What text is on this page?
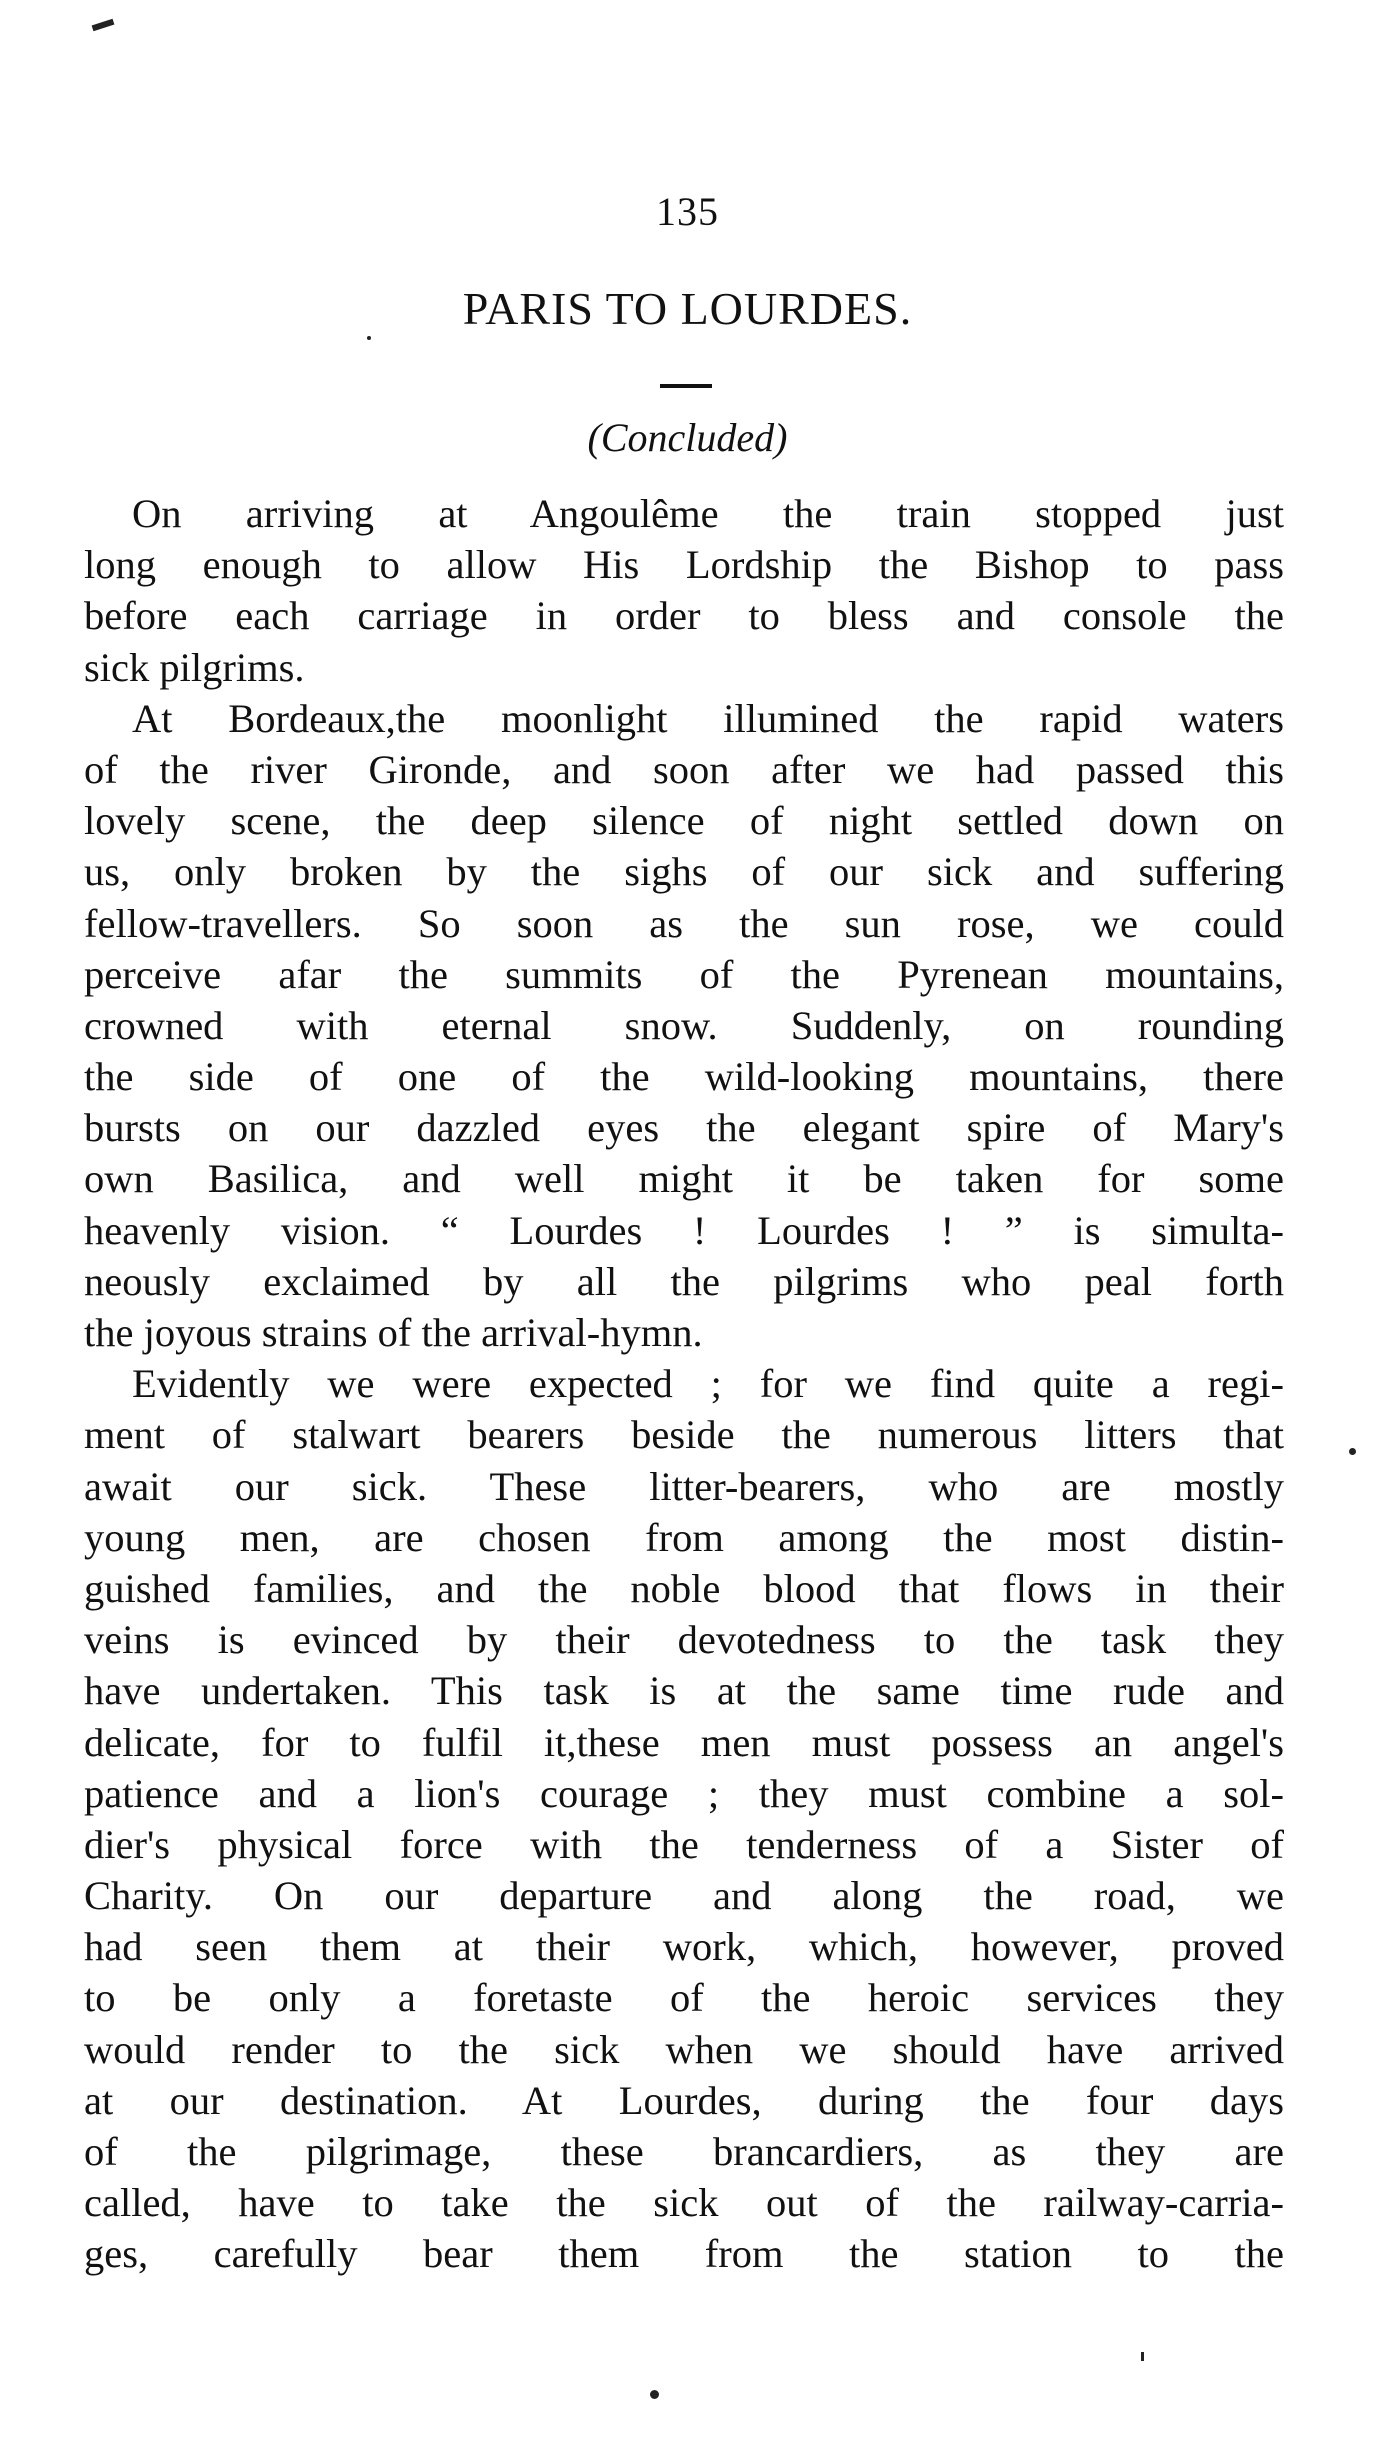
135
PARIS TO LOURDES.
(Concluded)
On arriving at Angoulême the train stopped just
long enough to allow His Lordship the Bishop to pass
before each carriage in order to bless and console the
sick pilgrims.
At Bordeaux,the moonlight illumined the rapid waters
of the river Gironde, and soon after we had passed this
lovely scene, the deep silence of night settled down on
us, only broken by the sighs of our sick and suffering
fellow-travellers. So soon as the sun rose, we could
perceive afar the summits of the Pyrenean mountains,
crowned with eternal snow. Suddenly, on rounding
the side of one of the wild-looking mountains, there
bursts on our dazzled eyes the elegant spire of Mary's
own Basilica, and well might it be taken for some
heavenly vision. “ Lourdes ! Lourdes ! ” is simulta-
neously exclaimed by all the pilgrims who peal forth
the joyous strains of the arrival-hymn.
Evidently we were expected ; for we find quite a regi-
ment of stalwart bearers beside the numerous litters that
await our sick. These litter-bearers, who are mostly
young men, are chosen from among the most distin-
guished families, and the noble blood that flows in their
veins is evinced by their devotedness to the task they
have undertaken. This task is at the same time rude and
delicate, for to fulfil it,these men must possess an angel's
patience and a lion's courage ; they must combine a sol-
dier's physical force with the tenderness of a Sister of
Charity. On our departure and along the road, we
had seen them at their work, which, however, proved
to be only a foretaste of the heroic services they
would render to the sick when we should have arrived
at our destination. At Lourdes, during the four days
of the pilgrimage, these brancardiers, as they are
called, have to take the sick out of the railway-carria-
ges, carefully bear them from the station to the
